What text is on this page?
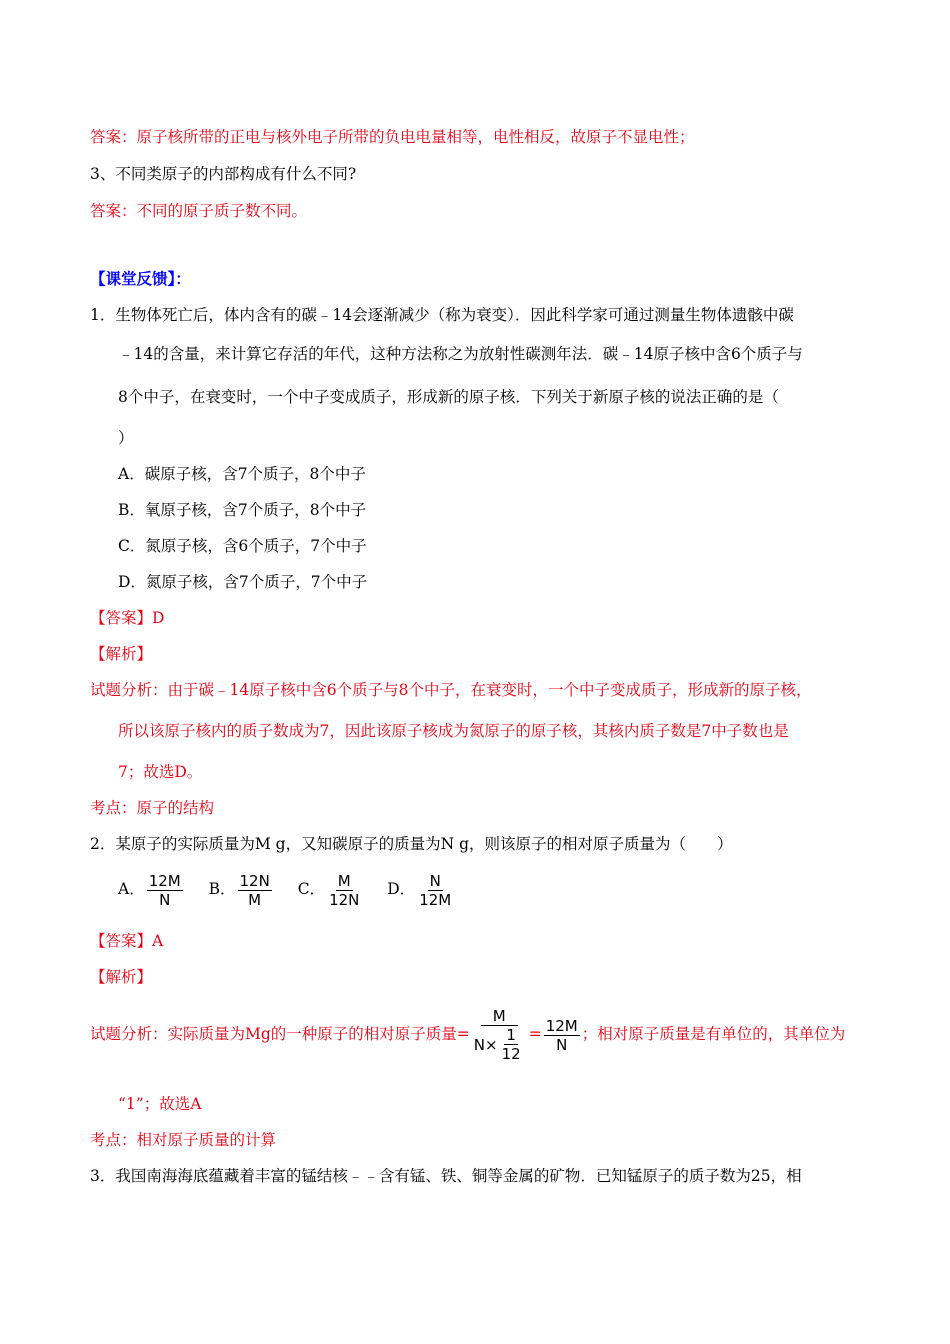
答案：原子核所带的正电与核外电子所带的负电电量相等，电性相反，故原子不显电性；
3、不同类原子的内部构成有什么不同?
答案：不同的原子质子数不同。
【课堂反馈】：
1．生物体死亡后，体内含有的碳﹣14会逐渐减少（称为衰变）．因此科学家可通过测量生物体遗骸中碳
﹣14的含量，来计算它存活的年代，这种方法称之为放射性碳测年法．碳﹣14原子核中含6个质子与
8个中子，在衰变时，一个中子变成质子，形成新的原子核．下列关于新原子核的说法正确的是（
）
A．碳原子核，含7个质子，8个中子
B．氧原子核，含7个质子，8个中子
C．氮原子核，含6个质子，7个中子
D．氮原子核，含7个质子，7个中子
【答案】D
【解析】
试题分析：由于碳﹣14原子核中含6个质子与8个中子，在衰变时，一个中子变成质子，形成新的原子核，
所以该原子核内的质子数成为7，因此该原子核成为氮原子的原子核，其核内质子数是7中子数也是
7；故选D。
考点：原子的结构
2．某原子的实际质量为M g，又知碳原子的质量为N g，则该原子的相对原子质量为（　　）
A． $\frac{12M}{N}$ B． $\frac{12N}{M}$ C． $\frac{M}{12N}$ D． $\frac{N}{12M}$
【答案】A
【解析】
试题分析：实际质量为Mg的一种原子的相对原子质量= $\frac{M}{N\times \frac{1}{12}} = \frac{12M}{N}$ ；相对原子质量是有单位的，其单位为
“1”；故选A
考点：相对原子质量的计算
3．我国南海海底蕴藏着丰富的锰结核﹣﹣含有锰、铁、铜等金属的矿物．已知锰原子的质子数为25，相
